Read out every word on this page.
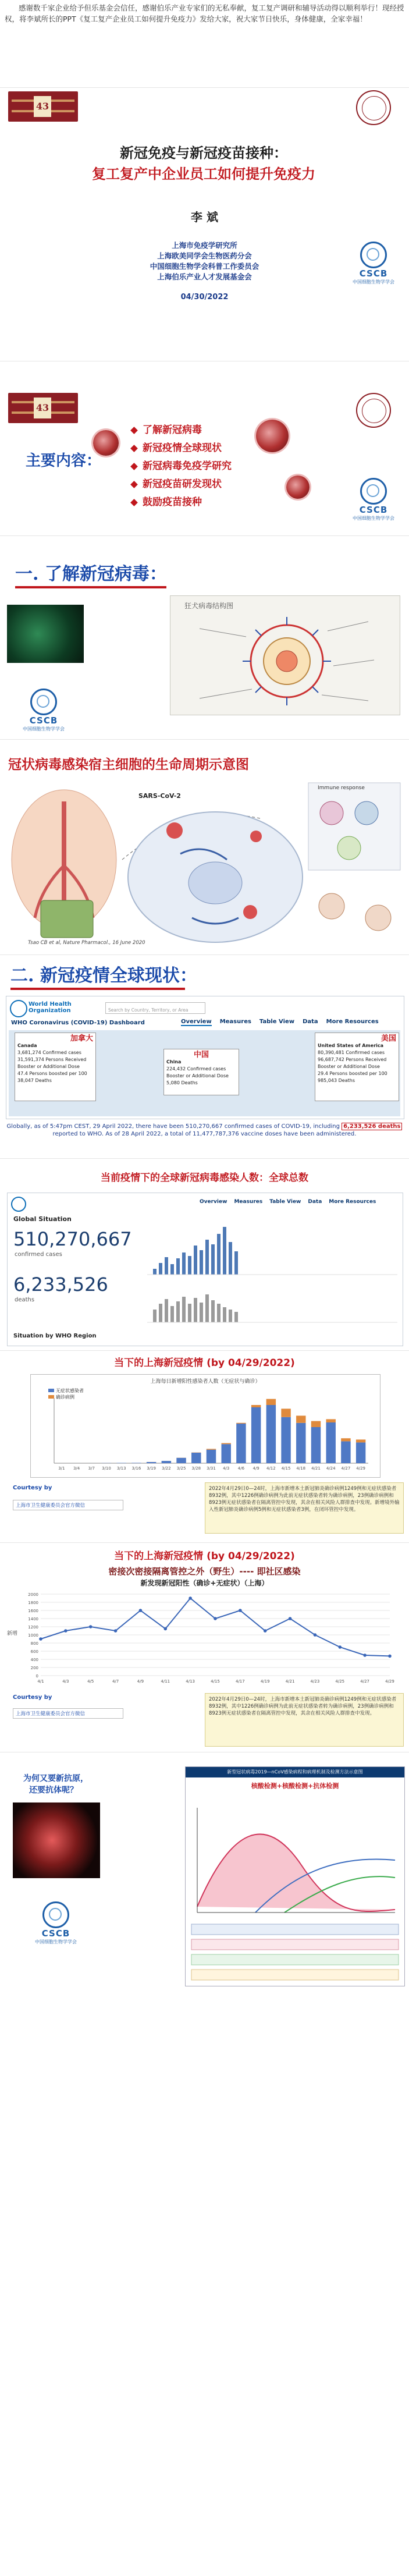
感谢数千家企业给予但乐基金会信任，感谢伯乐产业专家们的无私奉献，复工复产调研和辅导活动得以顺利举行！现经授权，将李斌所长的PPT《复工复产企业员工如何提升免疫力》发给大家，祝大家节日快乐，身体健康，全家幸福！
43
新冠免疫与新冠疫苗接种：
复工复产中企业员工如何提升免疫力
李 斌
上海市免疫学研究所
上海欧美同学会生物医药分会
中国细胞生物学会科普工作委员会
上海伯乐产业人才发展基金会
04/30/2022
CSCB
中国细胞生物学学会
43
主要内容：
了解新冠病毒
新冠疫情全球现状
新冠病毒免疫学研究
新冠疫苗研发现状
鼓励疫苗接种
CSCB
中国细胞生物学学会
一. 了解新冠病毒：
狂犬病毒结构图
CSCB
中国细胞生物学学会
冠状病毒感染宿主细胞的生命周期示意图
SARS-CoV-2
Immune response
Tsao CB et al, Nature Pharmacol., 16 June 2020
二. 新冠疫情全球现状：
World Health Organization	Search by Country, Territory, or Area
WHO Coronavirus (COVID-19) Dashboard	Overview Measures Table View Data More Resources
加拿大
Canada
3,681,274 Confirmed cases
31,591,374 Persons Received
Booster or Additional Dose
47.4 Persons boosted per 100
38,047 Deaths
中国
China
224,432 Confirmed cases
Booster or Additional Dose
5,080 Deaths
美国
United States of America
80,390,481 Confirmed cases
96,687,742 Persons Received
Booster or Additional Dose
29.4 Persons boosted per 100
985,043 Deaths
Globally, as of 5:47pm CEST, 29 April 2022, there have been 510,270,667 confirmed cases of COVID-19, including 6,233,526 deaths reported to WHO. As of 28 April 2022, a total of 11,477,787,376 vaccine doses have been administered.
当前疫情下的全球新冠病毒感染人数：全球总数
Overview Measures Table View Data More Resources
Global Situation
510,270,667
confirmed cases
6,233,526
deaths
Situation by WHO Region
当下的上海新冠疫情 (by 04/29/2022)
上海每日新增阳性感染者人数（无症状与确诊）
无症状感染者
确诊病例
3/1 3/4 3/7 3/10 3/13 3/16 3/19 3/22 3/25 3/28 3/31 4/3 4/6 4/9 4/12 4/15 4/18 4/21 4/24 4/27 4/29
Courtesy by
上海市卫生健康委员会官方微信
2022年4月29日0—24时，上海市新增本土新冠肺炎确诊病例1249例和无症状感染者8932例，其中1226例确诊病例为此前无症状感染者转为确诊病例，23例确诊病例和8923例无症状感染者在隔离管控中发现，其余在相关风险人群排查中发现。新增境外输入性新冠肺炎确诊病例5例和无症状感染者3例，在闭环管控中发现。
当下的上海新冠疫情 (by 04/29/2022)
密接次密接隔离管控之外（野生）---- 即社区感染
新发现新冠阳性（确诊+无症状）（上海）
2000
1800
1600
1400
1200
1000
800
600
400
200
0
4/1	4/3	4/5	4/7	4/9	4/11	4/13	4/15	4/17	4/19	4/21	4/23	4/25	4/27	4/29
新增
Courtesy by
上海市卫生健康委员会官方微信
2022年4月29日0—24时，上海市新增本土新冠肺炎确诊病例1249例和无症状感染者8932例，其中1226例确诊病例为此前无症状感染者转为确诊病例，23例确诊病例和8923例无症状感染者在隔离管控中发现，其余在相关风险人群排查中发现。
为何又要新抗原，
还要抗体呢？
CSCB
中国细胞生物学学会
新型冠状病毒2019—nCoV感染病程和病理机制及检测方法示意图
核酸检测+核酸检测+抗体检测
